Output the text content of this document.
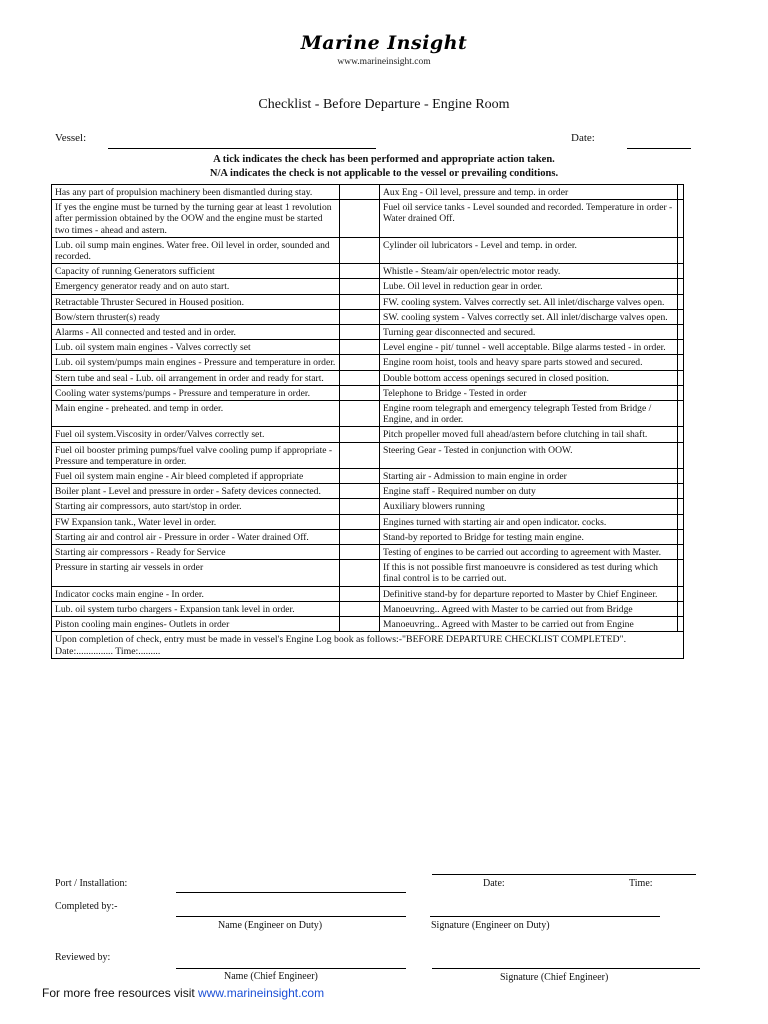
Marine Insight
www.marineinsight.com
Checklist - Before Departure - Engine Room
Vessel:	Date:
A tick indicates the check has been performed and appropriate action taken.
N/A indicates the check is not applicable to the vessel or prevailing conditions.
Has any part of propulsion machinery been dismantled during stay.		Aux Eng - Oil level, pressure and temp. in order	
If yes the engine must be turned by the turning gear at least 1 revolution after permission obtained by the OOW and the engine must be started two times - ahead and astern.		Fuel oil service tanks - Level sounded and recorded. Temperature in order - Water drained Off.	
Lub. oil sump main engines. Water free. Oil level in order, sounded and recorded.		Cylinder oil lubricators - Level and temp. in order.	
Capacity of running Generators sufficient		Whistle - Steam/air open/electric motor ready.	
Emergency generator ready and on auto start.		Lube. Oil level in reduction gear in order.	
Retractable Thruster Secured in Housed position.		FW. cooling system. Valves correctly set. All inlet/discharge valves open.	
Bow/stern thruster(s) ready		SW. cooling system - Valves correctly set. All inlet/discharge valves open.	
Alarms - All connected and tested and in order.		Turning gear disconnected and secured.	
Lub. oil system main engines - Valves correctly set		Level engine - pit/ tunnel - well acceptable. Bilge alarms tested - in order.	
Lub. oil system/pumps main engines - Pressure and temperature in order.		Engine room hoist, tools and heavy spare parts stowed and secured.	
Stern tube and seal - Lub. oil arrangement in order and ready for start.		Double bottom access openings secured in closed position.	
Cooling water systems/pumps - Pressure and temperature in order.		Telephone to Bridge - Tested in order	
Main engine - preheated. and temp in order.		Engine room telegraph and emergency telegraph Tested from Bridge / Engine, and in order.	
Fuel oil system.Viscosity in order/Valves correctly set.		Pitch propeller moved full ahead/astern before clutching in tail shaft.	
Fuel oil booster priming pumps/fuel valve cooling pump if appropriate - Pressure and temperature in order.		Steering Gear - Tested in conjunction with OOW.	
Fuel oil system main engine - Air bleed completed if appropriate		Starting air - Admission to main engine in order	
Boiler plant - Level and pressure in order - Safety devices connected.		Engine staff - Required number on duty	
Starting air compressors, auto start/stop in order.		Auxiliary blowers running	
FW Expansion tank., Water level in order.		Engines turned with starting air and open indicator. cocks.	
Starting air and control air - Pressure in order - Water drained Off.		Stand-by reported to Bridge for testing main engine.	
Starting air compressors - Ready for Service		Testing of engines to be carried out according to agreement with Master.	
Pressure in starting air vessels in order		If this is not possible first manoeuvre is considered as test during which final control is to be carried out.	
Indicator cocks main engine - In order.		Definitive stand-by for departure reported to Master by Chief Engineer.	
Lub. oil system turbo chargers - Expansion tank level in order.		Manoeuvring.. Agreed with Master to be carried out from Bridge	
Piston cooling main engines- Outlets in order		Manoeuvring.. Agreed with Master to be carried out from Engine	
Upon completion of check, entry must be made in vessel's Engine Log book as follows:-"BEFORE DEPARTURE CHECKLIST COMPLETED". Date:............... Time:.........			
Port / Installation:	Date:	Time:
Completed by:-
Name (Engineer on Duty)	Signature (Engineer on Duty)
Reviewed by:
Name (Chief Engineer)	Signature (Chief Engineer)
For more free resources visit www.marineinsight.com
